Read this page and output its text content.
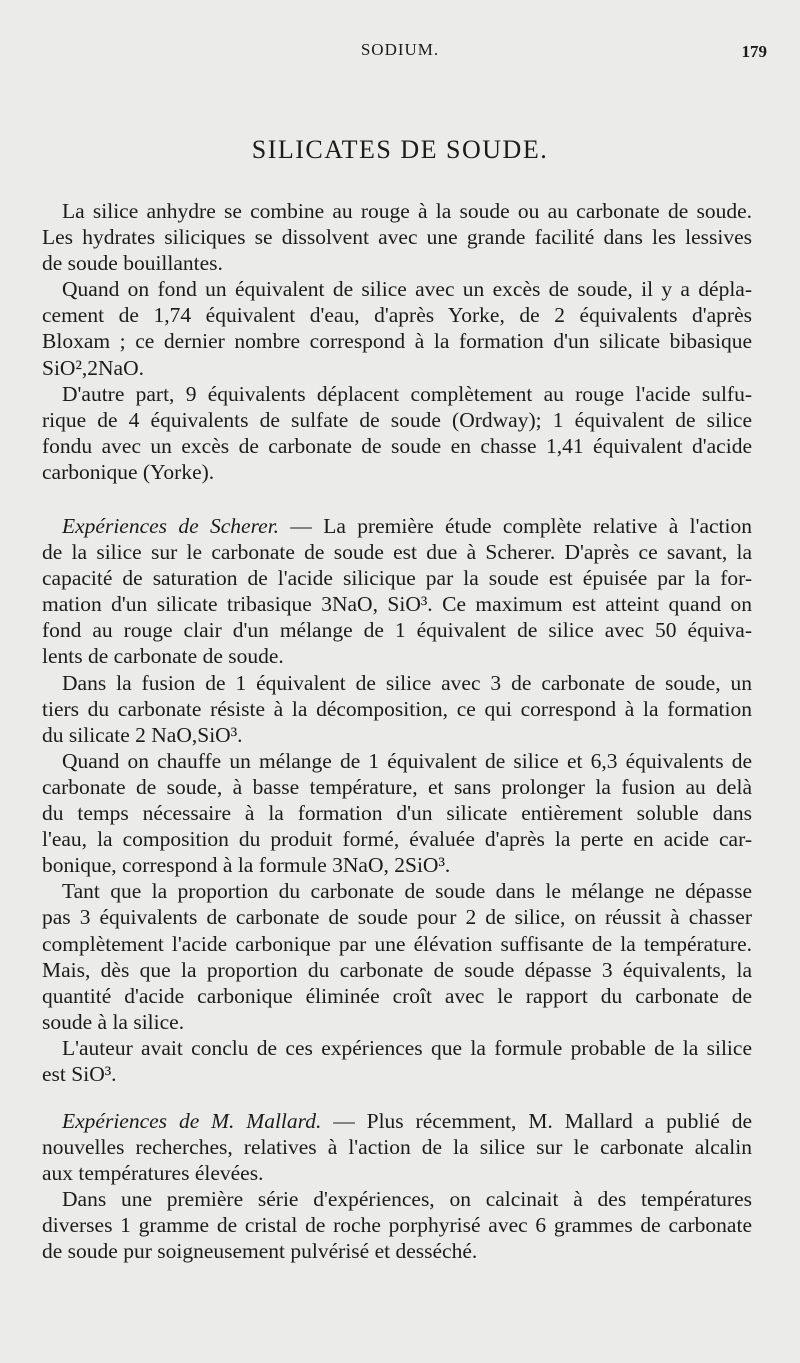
SODIUM.	179
SILICATES DE SOUDE.
La silice anhydre se combine au rouge à la soude ou au carbonate de soude.
Les hydrates siliciques se dissolvent avec une grande facilité dans les lessives
de soude bouillantes.
Quand on fond un équivalent de silice avec un excès de soude, il y a dépla-
cement de 1,74 équivalent d'eau, d'après Yorke, de 2 équivalents d'après
Bloxam ; ce dernier nombre correspond à la formation d'un silicate bibasique
SiO²,2NaO.
D'autre part, 9 équivalents déplacent complètement au rouge l'acide sulfu-
rique de 4 équivalents de sulfate de soude (Ordway); 1 équivalent de silice
fondu avec un excès de carbonate de soude en chasse 1,41 équivalent d'acide
carbonique (Yorke).
Expériences de Scherer. — La première étude complète relative à l'action
de la silice sur le carbonate de soude est due à Scherer. D'après ce savant, la
capacité de saturation de l'acide silicique par la soude est épuisée par la for-
mation d'un silicate tribasique 3NaO, SiO³. Ce maximum est atteint quand on
fond au rouge clair d'un mélange de 1 équivalent de silice avec 50 équiva-
lents de carbonate de soude.
Dans la fusion de 1 équivalent de silice avec 3 de carbonate de soude, un
tiers du carbonate résiste à la décomposition, ce qui correspond à la formation
du silicate 2 NaO,SiO³.
Quand on chauffe un mélange de 1 équivalent de silice et 6,3 équivalents de
carbonate de soude, à basse température, et sans prolonger la fusion au delà
du temps nécessaire à la formation d'un silicate entièrement soluble dans
l'eau, la composition du produit formé, évaluée d'après la perte en acide car-
bonique, correspond à la formule 3NaO, 2SiO³.
Tant que la proportion du carbonate de soude dans le mélange ne dépasse
pas 3 équivalents de carbonate de soude pour 2 de silice, on réussit à chasser
complètement l'acide carbonique par une élévation suffisante de la température.
Mais, dès que la proportion du carbonate de soude dépasse 3 équivalents, la
quantité d'acide carbonique éliminée croît avec le rapport du carbonate de
soude à la silice.
L'auteur avait conclu de ces expériences que la formule probable de la silice
est SiO³.
Expériences de M. Mallard. — Plus récemment, M. Mallard a publié de
nouvelles recherches, relatives à l'action de la silice sur le carbonate alcalin
aux températures élevées.
Dans une première série d'expériences, on calcinait à des températures
diverses 1 gramme de cristal de roche porphyrisé avec 6 grammes de carbonate
de soude pur soigneusement pulvérisé et desséché.
